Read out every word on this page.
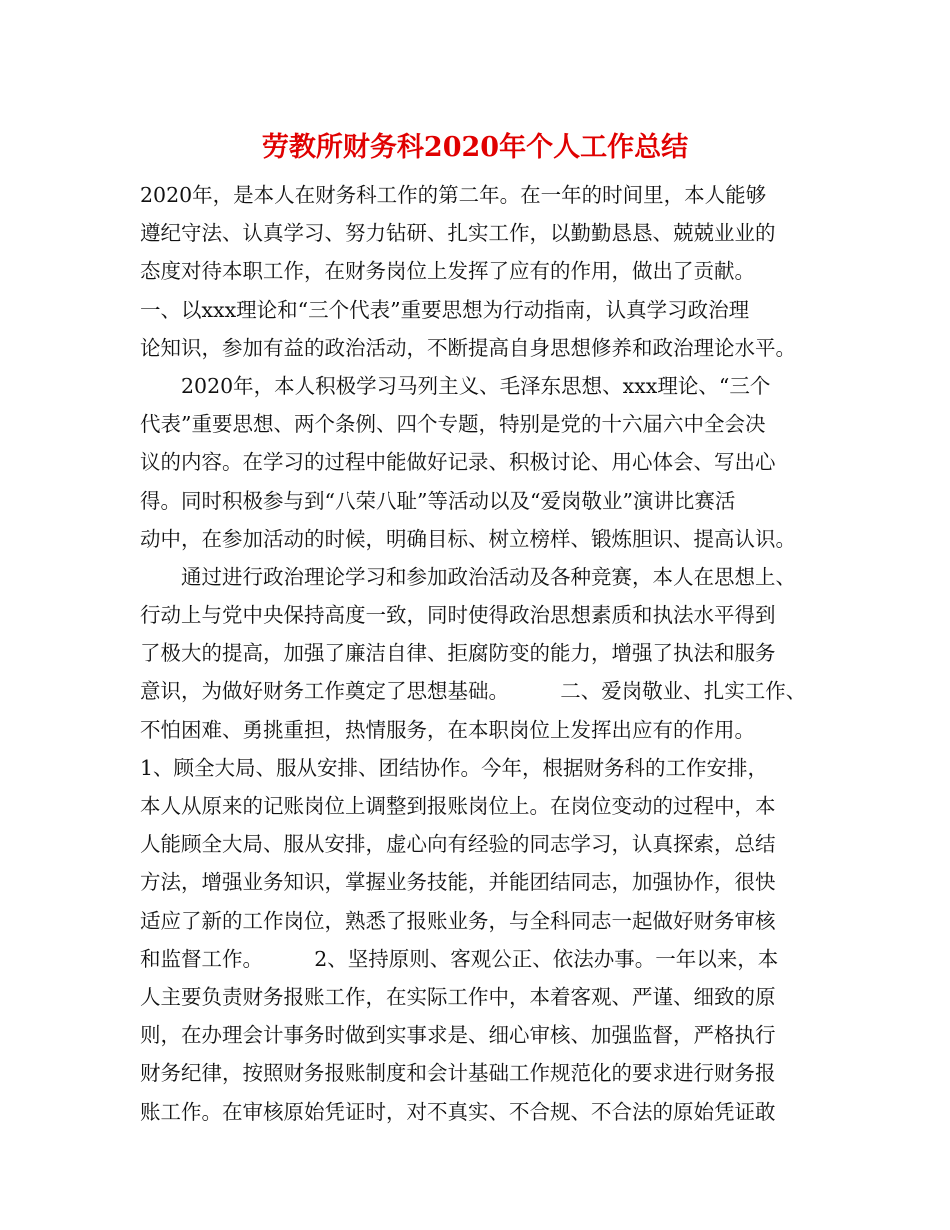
劳教所财务科2020年个人工作总结
2020年，是本人在财务科工作的第二年。在一年的时间里，本人能够
遵纪守法、认真学习、努力钻研、扎实工作，以勤勤恳恳、兢兢业业的
态度对待本职工作，在财务岗位上发挥了应有的作用，做出了贡献。
一、以xxx理论和“三个代表”重要思想为行动指南，认真学习政治理
论知识，参加有益的政治活动，不断提高自身思想修养和政治理论水平。
　　2020年，本人积极学习马列主义、毛泽东思想、xxx理论、“三个
代表”重要思想、两个条例、四个专题，特别是党的十六届六中全会决
议的内容。在学习的过程中能做好记录、积极讨论、用心体会、写出心
得。同时积极参与到“八荣八耻”等活动以及“爱岗敬业”演讲比赛活
动中，在参加活动的时候，明确目标、树立榜样、锻炼胆识、提高认识。
　　通过进行政治理论学习和参加政治活动及各种竞赛，本人在思想上、
行动上与党中央保持高度一致，同时使得政治思想素质和执法水平得到
了极大的提高，加强了廉洁自律、拒腐防变的能力，增强了执法和服务
意识，为做好财务工作奠定了思想基础。　　　二、爱岗敬业、扎实工作、
不怕困难、勇挑重担，热情服务，在本职岗位上发挥出应有的作用。
1、顾全大局、服从安排、团结协作。今年，根据财务科的工作安排，
本人从原来的记账岗位上调整到报账岗位上。在岗位变动的过程中，本
人能顾全大局、服从安排，虚心向有经验的同志学习，认真探索，总结
方法，增强业务知识，掌握业务技能，并能团结同志，加强协作，很快
适应了新的工作岗位，熟悉了报账业务，与全科同志一起做好财务审核
和监督工作。　　　2、坚持原则、客观公正、依法办事。一年以来，本
人主要负责财务报账工作，在实际工作中，本着客观、严谨、细致的原
则，在办理会计事务时做到实事求是、细心审核、加强监督，严格执行
财务纪律，按照财务报账制度和会计基础工作规范化的要求进行财务报
账工作。在审核原始凭证时，对不真实、不合规、不合法的原始凭证敢
